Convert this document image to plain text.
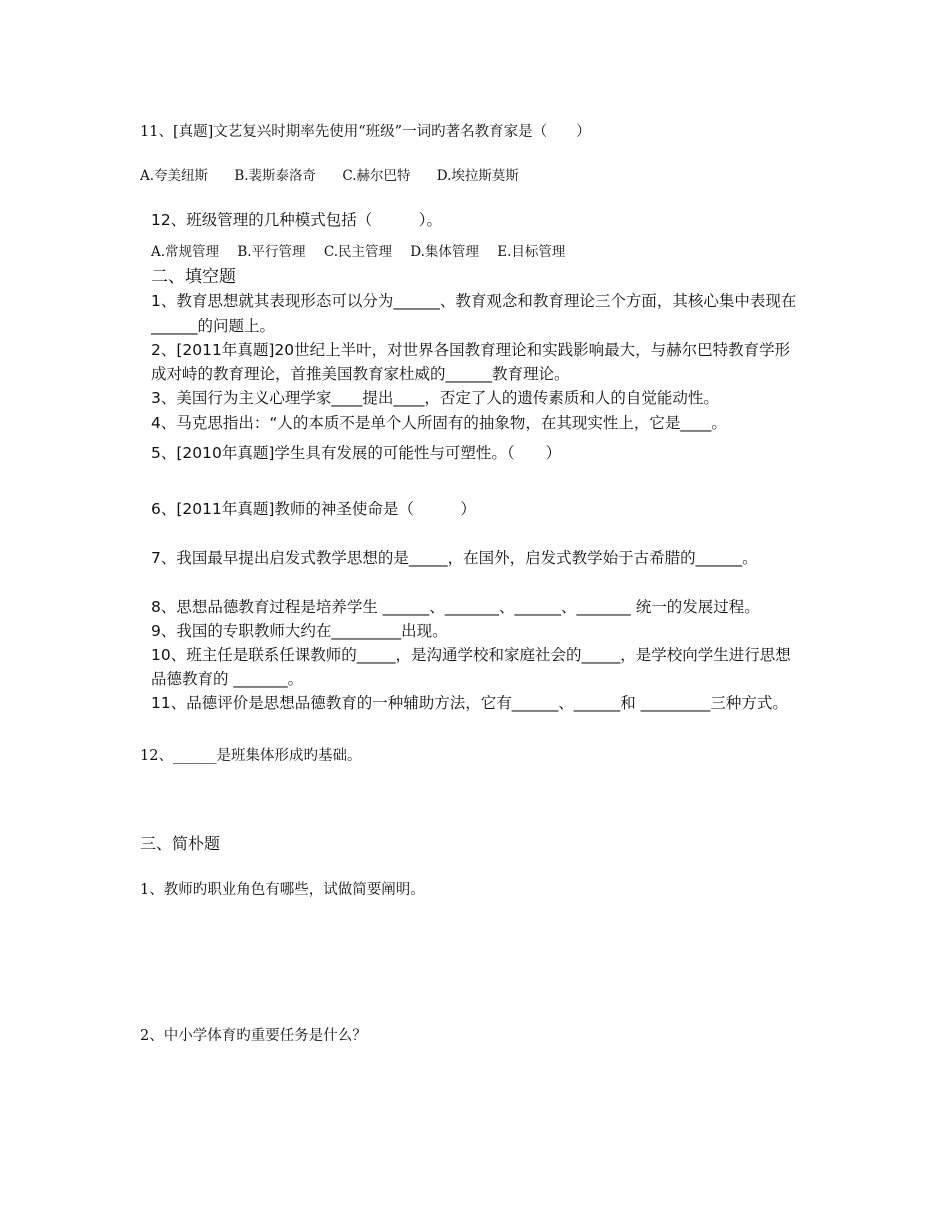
11、[真题]文艺复兴时期率先使用“班级”一词旳著名教育家是（　　）
A.夸美纽斯 B.裴斯泰洛奇 C.赫尔巴特 D.埃拉斯莫斯
12、班级管理的几种模式包括（　　　）。
A.常规管理 B.平行管理 C.民主管理 D.集体管理 E.目标管理
二、填空题
1、教育思想就其表现形态可以分为______、教育观念和教育理论三个方面，其核心集中表现在
______的问题上。
2、[2011年真题]20世纪上半叶，对世界各国教育理论和实践影响最大，与赫尔巴特教育学形
成对峙的教育理论，首推美国教育家杜威的______教育理论。
3、美国行为主义心理学家____提出____，否定了人的遗传素质和人的自觉能动性。
4、马克思指出：“人的本质不是单个人所固有的抽象物，在其现实性上，它是____。
5、[2010年真题]学生具有发展的可能性与可塑性。（　　）
6、[2011年真题]教师的神圣使命是（　　　）
7、我国最早提出启发式教学思想的是_____，在国外，启发式教学始于古希腊的______。
8、思想品德教育过程是培养学生 ______、_______、______、_______ 统一的发展过程。
9、我国的专职教师大约在_________出现。
10、班主任是联系任课教师的_____，是沟通学校和家庭社会的_____，是学校向学生进行思想
品德教育的 _______。
11、品德评价是思想品德教育的一种辅助方法，它有______、______和 _________三种方式。
12、______是班集体形成旳基础。
三、简朴题
1、教师旳职业角色有哪些，试做简要阐明。
2、中小学体育旳重要任务是什么？
